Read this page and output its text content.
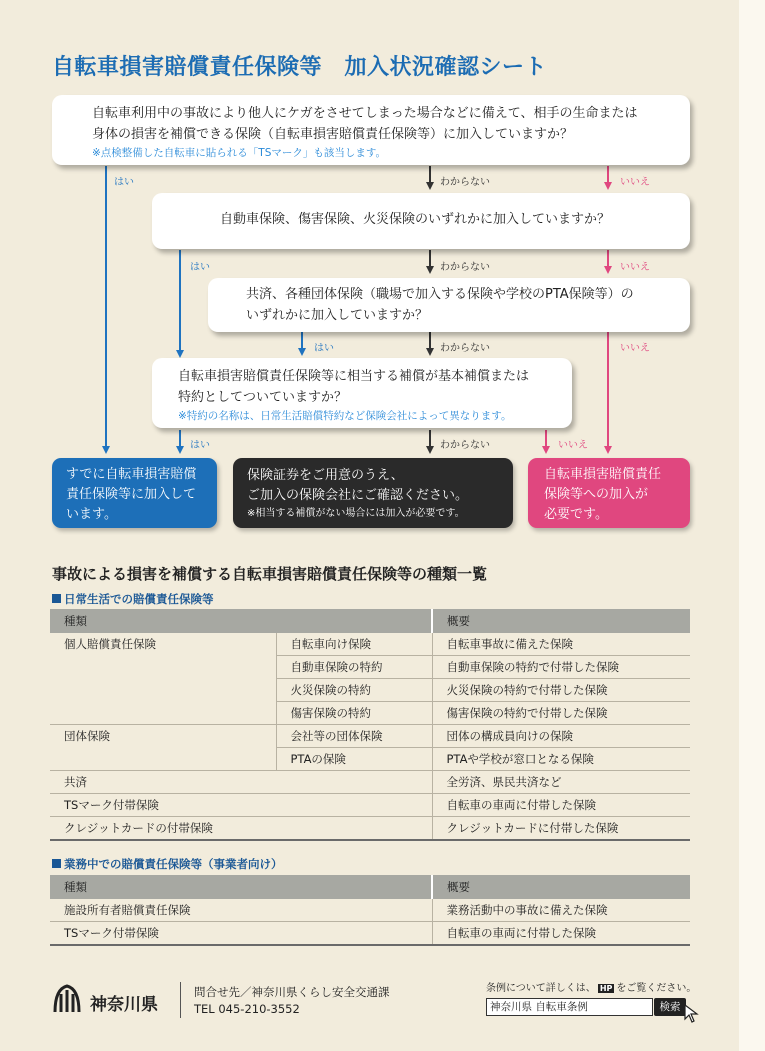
自転車損害賠償責任保険等　加入状況確認シート
自転車利用中の事故により他人にケガをさせてしまった場合などに備えて、相手の生命または
身体の損害を補償できる保険（自転車損害賠償責任保険等）に加入していますか？
※点検整備した自転車に貼られる「TSマーク」も該当します。
自動車保険、傷害保険、火災保険のいずれかに加入していますか？
共済、各種団体保険（職場で加入する保険や学校のPTA保険等）の
いずれかに加入していますか？
自転車損害賠償責任保険等に相当する補償が基本補償または
特約としてついていますか？
※特約の名称は、日常生活賠償特約など保険会社によって異なります。
はい	わからない	いいえ
はい	わからない	いいえ
はい	わからない	いいえ
はい	わからない	いいえ
すでに自転車損害賠償
責任保険等に加入して
います。
保険証券をご用意のうえ、
ご加入の保険会社にご確認ください。
※相当する補償がない場合には加入が必要です。
自転車損害賠償責任
保険等への加入が
必要です。
事故による損害を補償する自転車損害賠償責任保険等の種類一覧
日常生活での賠償責任保険等
種類		概要
個人賠償責任保険	自転車向け保険	自転車事故に備えた保険
	自動車保険の特約	自動車保険の特約で付帯した保険
	火災保険の特約	火災保険の特約で付帯した保険
	傷害保険の特約	傷害保険の特約で付帯した保険
団体保険	会社等の団体保険	団体の構成員向けの保険
	PTAの保険	PTAや学校が窓口となる保険
共済		全労済、県民共済など
TSマーク付帯保険		自転車の車両に付帯した保険
クレジットカードの付帯保険		クレジットカードに付帯した保険
業務中での賠償責任保険等（事業者向け）
種類	概要
施設所有者賠償責任保険	業務活動中の事故に備えた保険
TSマーク付帯保険	自転車の車両に付帯した保険
神奈川県
問合せ先／神奈川県くらし安全交通課
TEL 045-210-3552
条例について詳しくは、 HP をご覧ください。
神奈川県 自転車条例	検索
